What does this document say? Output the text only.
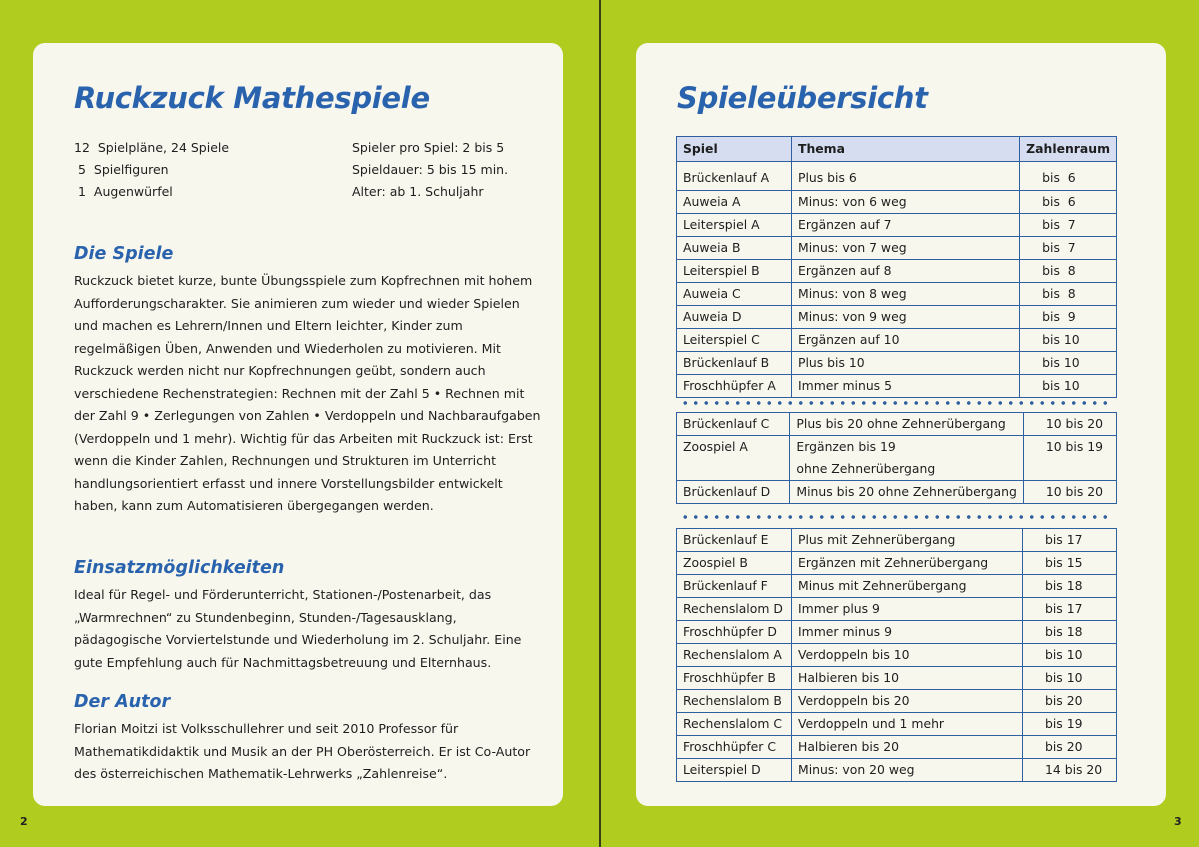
Ruckzuck Mathespiele
12 Spielpläne, 24 Spiele
5 Spielfiguren
1 Augenwürfel
Spieler pro Spiel: 2 bis 5
Spieldauer: 5 bis 15 min.
Alter: ab 1. Schuljahr
Die Spiele
Ruckzuck bietet kurze, bunte Übungsspiele zum Kopfrechnen mit hohem Aufforderungscharakter. Sie animieren zum wieder und wieder Spielen und machen es Lehrern/Innen und Eltern leichter, Kinder zum regelmäßigen Üben, Anwenden und Wiederholen zu motivieren. Mit Ruckzuck werden nicht nur Kopfrechnungen geübt, sondern auch verschiedene Rechenstrategien: Rechnen mit der Zahl 5 • Rechnen mit der Zahl 9 • Zerlegungen von Zahlen • Verdoppeln und Nachbaraufgaben (Verdoppeln und 1 mehr). Wichtig für das Arbeiten mit Ruckzuck ist: Erst wenn die Kinder Zahlen, Rechnungen und Strukturen im Unterricht handlungsorientiert erfasst und innere Vorstellungsbilder entwickelt haben, kann zum Automatisieren übergegangen werden.
Einsatzmöglichkeiten
Ideal für Regel- und Förderunterricht, Stationen-/Postenarbeit, das „Warmrechnen“ zu Stundenbeginn, Stunden-/Tagesausklang, pädagogische Vorviertelstunde und Wiederholung im 2. Schuljahr. Eine gute Empfehlung auch für Nachmittagsbetreuung und Elternhaus.
Der Autor
Florian Moitzi ist Volksschullehrer und seit 2010 Professor für Mathematikdidaktik und Musik an der PH Oberösterreich. Er ist Co-Autor des österreichischen Mathematik-Lehrwerks „Zahlenreise“.
2
Spieleübersicht
Spiel	Thema	Zahlenraum
Brückenlauf A	Plus bis 6	bis  6
Auweia A	Minus: von 6 weg	bis  6
Leiterspiel A	Ergänzen auf 7	bis  7
Auweia B	Minus: von 7 weg	bis  7
Leiterspiel B	Ergänzen auf 8	bis  8
Auweia C	Minus: von 8 weg	bis  8
Auweia D	Minus: von 9 weg	bis  9
Leiterspiel C	Ergänzen auf 10	bis 10
Brückenlauf B	Plus bis 10	bis 10
Froschhüpfer A	Immer minus 5	bis 10
Brückenlauf C	Plus bis 20 ohne Zehnerübergang	10 bis 20
Zoospiel A	Ergänzen bis 19
ohne Zehnerübergang	10 bis 19
Brückenlauf D	Minus bis 20 ohne Zehnerübergang	10 bis 20
Brückenlauf E	Plus mit Zehnerübergang	bis 17
Zoospiel B	Ergänzen mit Zehnerübergang	bis 15
Brückenlauf F	Minus mit Zehnerübergang	bis 18
Rechenslalom D	Immer plus 9	bis 17
Froschhüpfer D	Immer minus 9	bis 18
Rechenslalom A	Verdoppeln bis 10	bis 10
Froschhüpfer B	Halbieren bis 10	bis 10
Rechenslalom B	Verdoppeln bis 20	bis 20
Rechenslalom C	Verdoppeln und 1 mehr	bis 19
Froschhüpfer C	Halbieren bis 20	bis 20
Leiterspiel D	Minus: von 20 weg	14 bis 20
3
